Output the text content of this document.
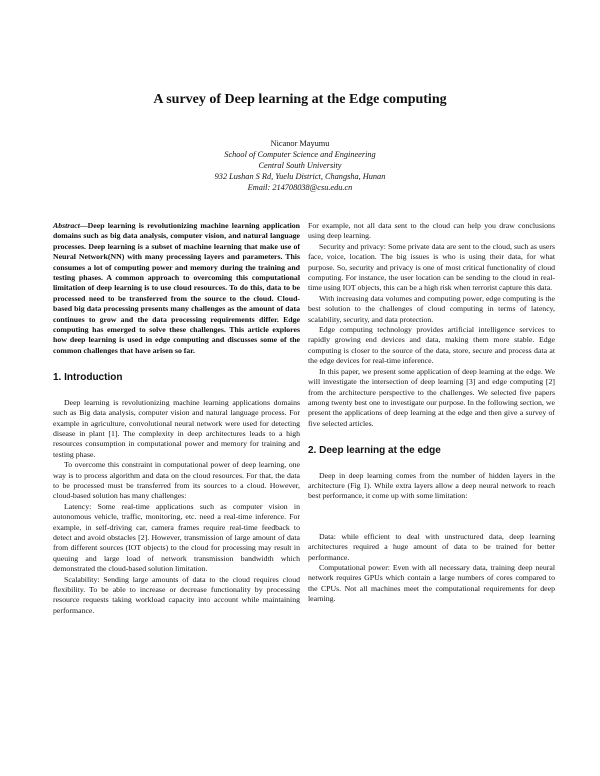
A survey of Deep learning at the Edge computing

Nicanor Mayumu

School of Computer Science and Engineering

Central South University

932 Lushan S Rd, Yuelu District, Changsha, Hunan

Email: 214708038@csu.edu.cn

Abstract—Deep learning is revolutionizing machine learning application domains such as big data analysis, computer vision, and natural language processes. Deep learning is a subset of machine learning that make use of Neural Network(NN) with many processing layers and parameters. This consumes a lot of computing power and memory during the training and testing phases. A common approach to overcoming this computational limitation of deep learning is to use cloud resources. To do this, data to be processed need to be transferred from the source to the cloud. Cloud-based big data processing presents many challenges as the amount of data continues to grow and the data processing requirements differ. Edge computing has emerged to solve these challenges. This article explores how deep learning is used in edge computing and discusses some of the common challenges that have arisen so far.

1. Introduction

Deep learning is revolutionizing machine learning applications domains such as Big data analysis, computer vision and natural language process. For example in agriculture, convolutional neural network were used for detecting disease in plant [1]. The complexity in deep architectures leads to a high resources consumption in computational power and memory for training and testing phase.

To overcome this constraint in computational power of deep learning, one way is to process algorithm and data on the cloud resources. For that, the data to be processed must be transferred from its sources to a cloud. However, cloud-based solution has many challenges:

Latency: Some real-time applications such as computer vision in autonomous vehicle, traffic, monitoring, etc. need a real-time inference. For example, in self-driving car, camera frames require real-time feedback to detect and avoid obstacles [2]. However, transmission of large amount of data from different sources (IOT objects) to the cloud for processing may result in queuing and large load of network transmission bandwidth which demonstrated the cloud-based solution limitation.

Scalability: Sending large amounts of data to the cloud requires cloud flexibility. To be able to increase or decrease functionality by processing resource requests taking workload capacity into account while maintaining performance.

For example, not all data sent to the cloud can help you draw conclusions using deep learning.

Security and privacy: Some private data are sent to the cloud, such as users face, voice, location. The big issues is who is using their data, for what purpose. So, security and privacy is one of most critical functionality of cloud computing. For instance, the user location can be sending to the cloud in real-time using IOT objects, this can be a high risk when terrorist capture this data.

With increasing data volumes and computing power, edge computing is the best solution to the challenges of cloud computing in terms of latency, scalability, security, and data protection.

Edge computing technology provides artificial intelligence services to rapidly growing end devices and data, making them more stable. Edge computing is closer to the source of the data, store, secure and process data at the edge devices for real-time inference.

In this paper, we present some application of deep learning at the edge. We will investigate the intersection of deep learning [3] and edge computing [2] from the architecture perspective to the challenges. We selected five papers among twenty best one to investigate our purpose. In the following section, we present the applications of deep learning at the edge and then give a survey of five selected articles.

2. Deep learning at the edge

Deep in deep learning comes from the number of hidden layers in the architecture (Fig 1). While extra layers allow a deep neural network to reach best performance, it come up with some limitation:

Data: while efficient to deal with unstructured data, deep learning architectures required a huge amount of data to be trained for better performance.

Computational power: Even with all necessary data, training deep neural network requires GPUs which contain a large numbers of cores compared to the CPUs. Not all machines meet the computational requirements for deep learning.
